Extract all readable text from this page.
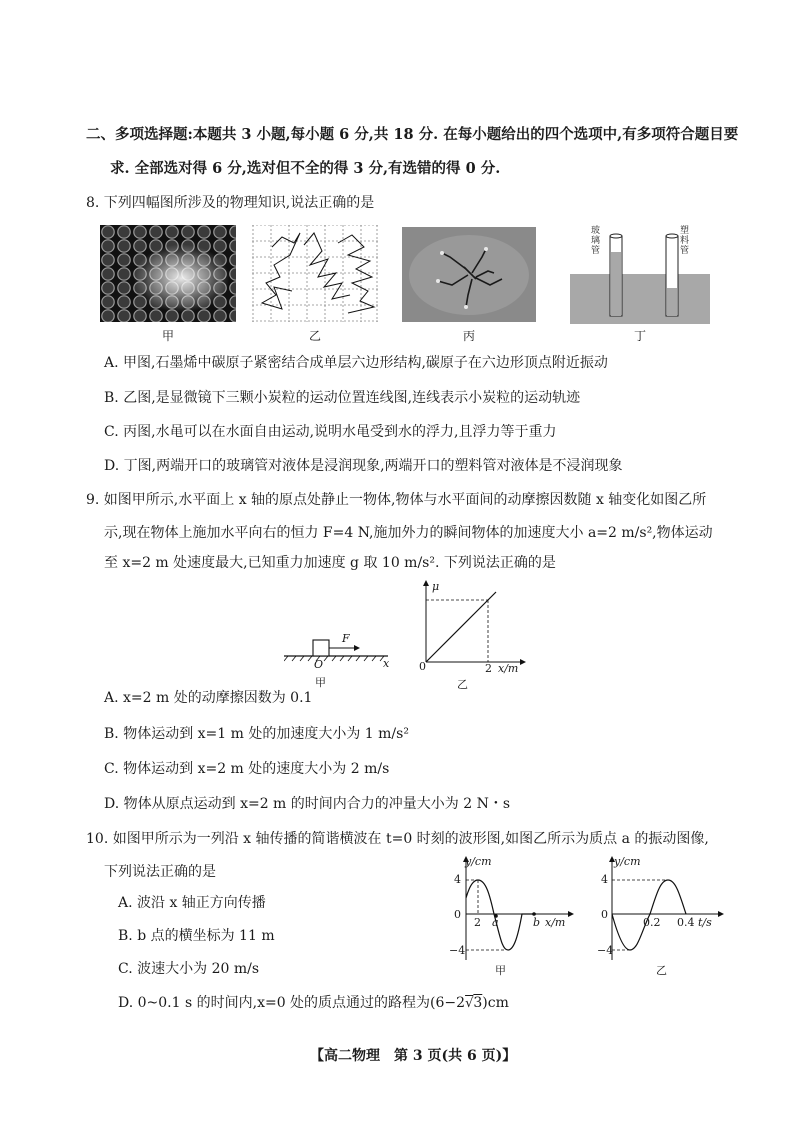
二、多项选择题:本题共 3 小题,每小题 6 分,共 18 分. 在每小题给出的四个选项中,有多项符合题目要
求. 全部选对得 6 分,选对但不全的得 3 分,有选错的得 0 分.
8. 下列四幅图所涉及的物理知识,说法正确的是
甲	乙	丙
玻璃管
塑料管
丁
A. 甲图,石墨烯中碳原子紧密结合成单层六边形结构,碳原子在六边形顶点附近振动
B. 乙图,是显微镜下三颗小炭粒的运动位置连线图,连线表示小炭粒的运动轨迹
C. 丙图,水黾可以在水面自由运动,说明水黾受到水的浮力,且浮力等于重力
D. 丁图,两端开口的玻璃管对液体是浸润现象,两端开口的塑料管对液体是不浸润现象
9. 如图甲所示,水平面上 x 轴的原点处静止一物体,物体与水平面间的动摩擦因数随 x 轴变化如图乙所
示,现在物体上施加水平向右的恒力 F=4 N,施加外力的瞬间物体的加速度大小 a=2 m/s²,物体运动
至 x=2 m 处速度最大,已知重力加速度 g 取 10 m/s². 下列说法正确的是
F
O	x
甲
μ
0	2 x/m
乙
A. x=2 m 处的动摩擦因数为 0.1
B. 物体运动到 x=1 m 处的加速度大小为 1 m/s²
C. 物体运动到 x=2 m 处的速度大小为 2 m/s
D. 物体从原点运动到 x=2 m 的时间内合力的冲量大小为 2 N・s
10. 如图甲所示为一列沿 x 轴传播的简谐横波在 t=0 时刻的波形图,如图乙所示为质点 a 的振动图像,
下列说法正确的是
A. 波沿 x 轴正方向传播
B. b 点的横坐标为 11 m
C. 波速大小为 20 m/s
D. 0~0.1 s 的时间内,x=0 处的质点通过的路程为(6−2√3)cm
y/cm
4
0
−4
2 a	b x/m
甲
y/cm
4
0
−4
0.2 0.4 t/s
乙
【高二物理　第 3 页(共 6 页)】
